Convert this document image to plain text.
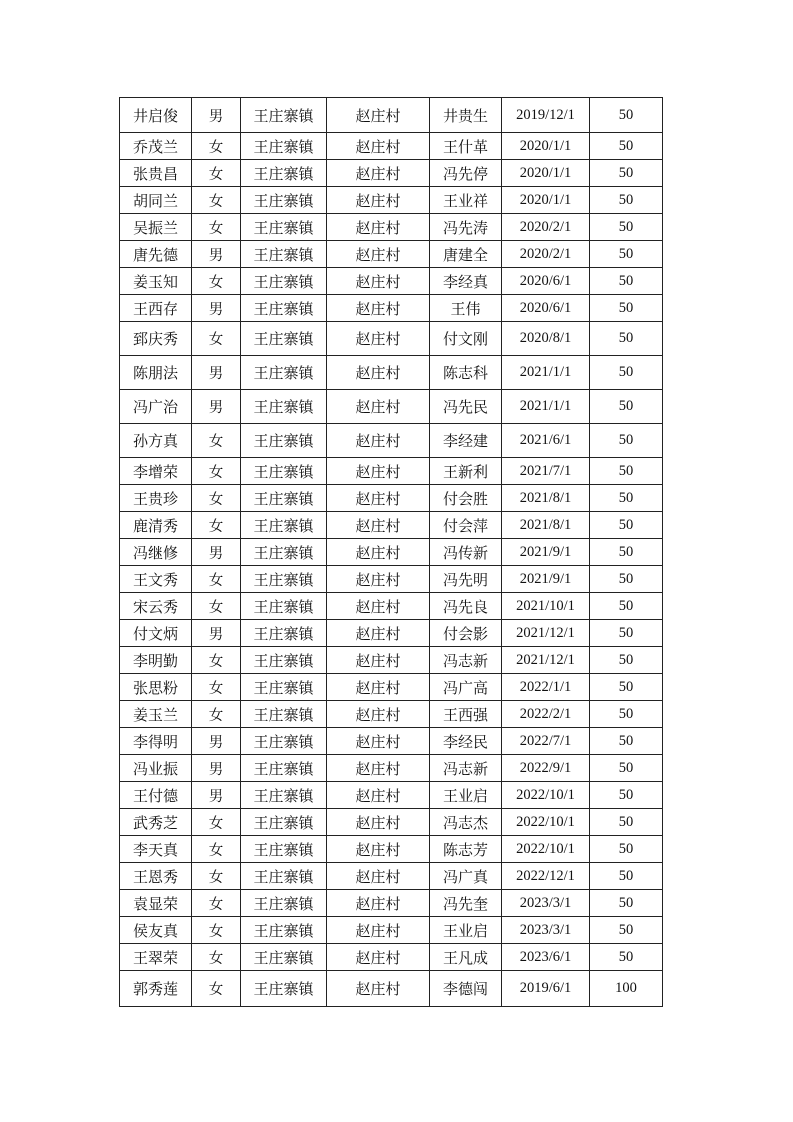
井启俊	男	王庄寨镇	赵庄村	井贵生	2019/12/1	50
乔茂兰	女	王庄寨镇	赵庄村	王什革	2020/1/1	50
张贵昌	女	王庄寨镇	赵庄村	冯先停	2020/1/1	50
胡同兰	女	王庄寨镇	赵庄村	王业祥	2020/1/1	50
吴振兰	女	王庄寨镇	赵庄村	冯先涛	2020/2/1	50
唐先德	男	王庄寨镇	赵庄村	唐建全	2020/2/1	50
姜玉知	女	王庄寨镇	赵庄村	李经真	2020/6/1	50
王西存	男	王庄寨镇	赵庄村	王伟	2020/6/1	50
郅庆秀	女	王庄寨镇	赵庄村	付文刚	2020/8/1	50
陈朋法	男	王庄寨镇	赵庄村	陈志科	2021/1/1	50
冯广治	男	王庄寨镇	赵庄村	冯先民	2021/1/1	50
孙方真	女	王庄寨镇	赵庄村	李经建	2021/6/1	50
李增荣	女	王庄寨镇	赵庄村	王新利	2021/7/1	50
王贵珍	女	王庄寨镇	赵庄村	付会胜	2021/8/1	50
鹿清秀	女	王庄寨镇	赵庄村	付会萍	2021/8/1	50
冯继修	男	王庄寨镇	赵庄村	冯传新	2021/9/1	50
王文秀	女	王庄寨镇	赵庄村	冯先明	2021/9/1	50
宋云秀	女	王庄寨镇	赵庄村	冯先良	2021/10/1	50
付文炳	男	王庄寨镇	赵庄村	付会影	2021/12/1	50
李明勤	女	王庄寨镇	赵庄村	冯志新	2021/12/1	50
张思粉	女	王庄寨镇	赵庄村	冯广高	2022/1/1	50
姜玉兰	女	王庄寨镇	赵庄村	王西强	2022/2/1	50
李得明	男	王庄寨镇	赵庄村	李经民	2022/7/1	50
冯业振	男	王庄寨镇	赵庄村	冯志新	2022/9/1	50
王付德	男	王庄寨镇	赵庄村	王业启	2022/10/1	50
武秀芝	女	王庄寨镇	赵庄村	冯志杰	2022/10/1	50
李天真	女	王庄寨镇	赵庄村	陈志芳	2022/10/1	50
王恩秀	女	王庄寨镇	赵庄村	冯广真	2022/12/1	50
袁显荣	女	王庄寨镇	赵庄村	冯先奎	2023/3/1	50
侯友真	女	王庄寨镇	赵庄村	王业启	2023/3/1	50
王翠荣	女	王庄寨镇	赵庄村	王凡成	2023/6/1	50
郭秀莲	女	王庄寨镇	赵庄村	李德闯	2019/6/1	100
